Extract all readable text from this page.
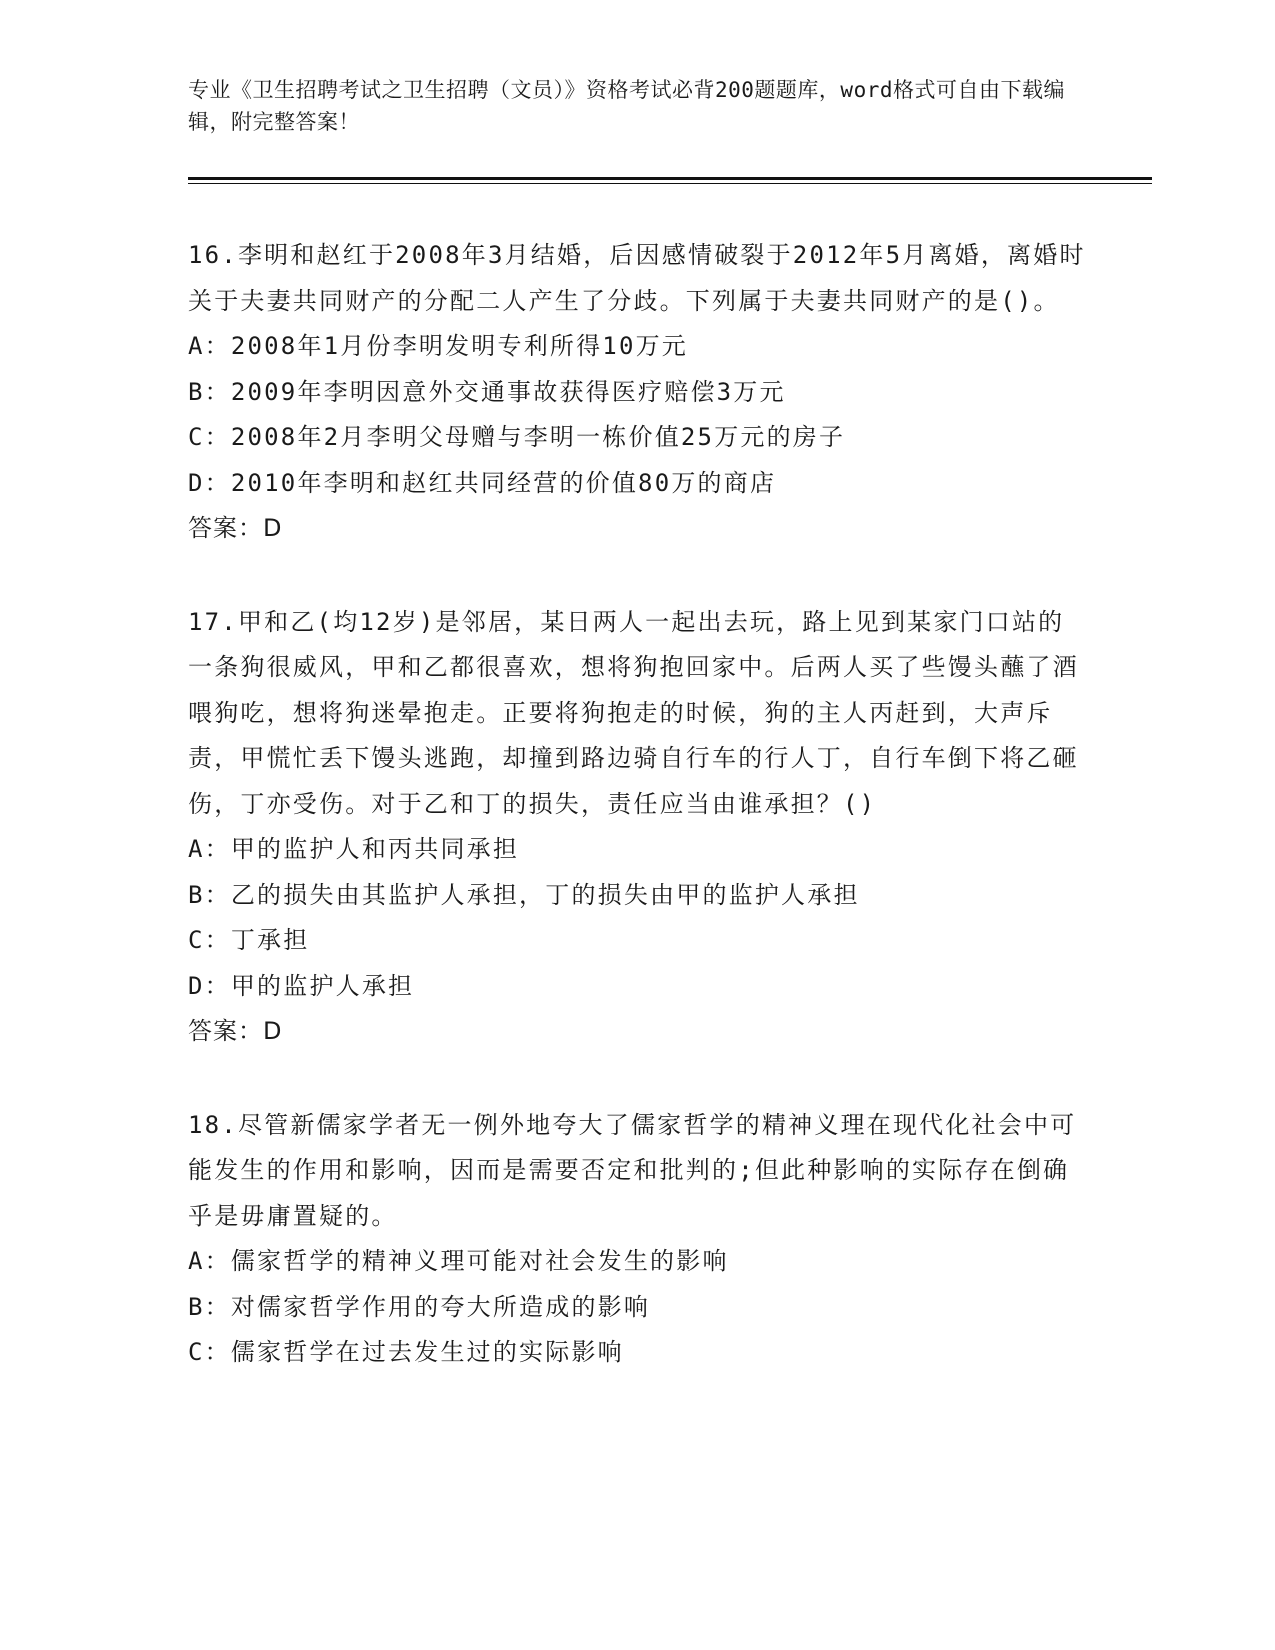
专业《卫生招聘考试之卫生招聘（文员）》资格考试必背200题题库，word格式可自由下载编辑，附完整答案！

16.李明和赵红于2008年3月结婚，后因感情破裂于2012年5月离婚，离婚时关于夫妻共同财产的分配二人产生了分歧。下列属于夫妻共同财产的是()。

A：2008年1月份李明发明专利所得10万元

B：2009年李明因意外交通事故获得医疗赔偿3万元

C：2008年2月李明父母赠与李明一栋价值25万元的房子

D：2010年李明和赵红共同经营的价值80万的商店

答案：D

17.甲和乙(均12岁)是邻居，某日两人一起出去玩，路上见到某家门口站的一条狗很威风，甲和乙都很喜欢，想将狗抱回家中。后两人买了些馒头蘸了酒喂狗吃，想将狗迷晕抱走。正要将狗抱走的时候，狗的主人丙赶到，大声斥责，甲慌忙丢下馒头逃跑，却撞到路边骑自行车的行人丁，自行车倒下将乙砸伤，丁亦受伤。对于乙和丁的损失，责任应当由谁承担？()

A：甲的监护人和丙共同承担

B：乙的损失由其监护人承担，丁的损失由甲的监护人承担

C：丁承担

D：甲的监护人承担

答案：D

18.尽管新儒家学者无一例外地夸大了儒家哲学的精神义理在现代化社会中可能发生的作用和影响，因而是需要否定和批判的;但此种影响的实际存在倒确乎是毋庸置疑的。

A：儒家哲学的精神义理可能对社会发生的影响

B：对儒家哲学作用的夸大所造成的影响

C：儒家哲学在过去发生过的实际影响
